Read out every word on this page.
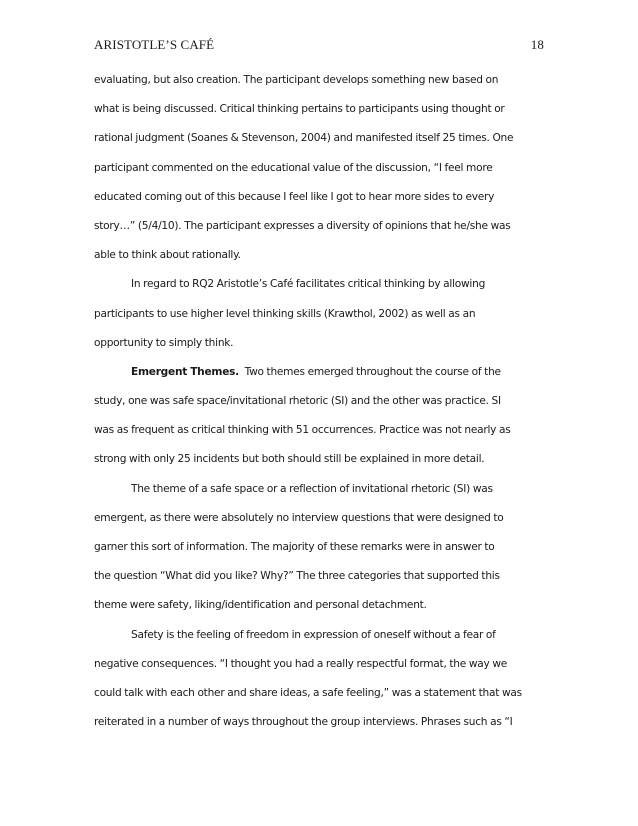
ARISTOTLE’S CAFÉ	18
evaluating, but also creation. The participant develops something new based on
what is being discussed. Critical thinking pertains to participants using thought or
rational judgment (Soanes & Stevenson, 2004) and manifested itself 25 times. One
participant commented on the educational value of the discussion, “I feel more
educated coming out of this because I feel like I got to hear more sides to every
story…” (5/4/10). The participant expresses a diversity of opinions that he/she was
able to think about rationally.
In regard to RQ2 Aristotle’s Café facilitates critical thinking by allowing
participants to use higher level thinking skills (Krawthol, 2002) as well as an
opportunity to simply think.
Emergent Themes. Two themes emerged throughout the course of the
study, one was safe space/invitational rhetoric (SI) and the other was practice. SI
was as frequent as critical thinking with 51 occurrences. Practice was not nearly as
strong with only 25 incidents but both should still be explained in more detail.
The theme of a safe space or a reflection of invitational rhetoric (SI) was
emergent, as there were absolutely no interview questions that were designed to
garner this sort of information. The majority of these remarks were in answer to
the question “What did you like? Why?” The three categories that supported this
theme were safety, liking/identification and personal detachment.
Safety is the feeling of freedom in expression of oneself without a fear of
negative consequences. “I thought you had a really respectful format, the way we
could talk with each other and share ideas, a safe feeling,” was a statement that was
reiterated in a number of ways throughout the group interviews. Phrases such as “I
